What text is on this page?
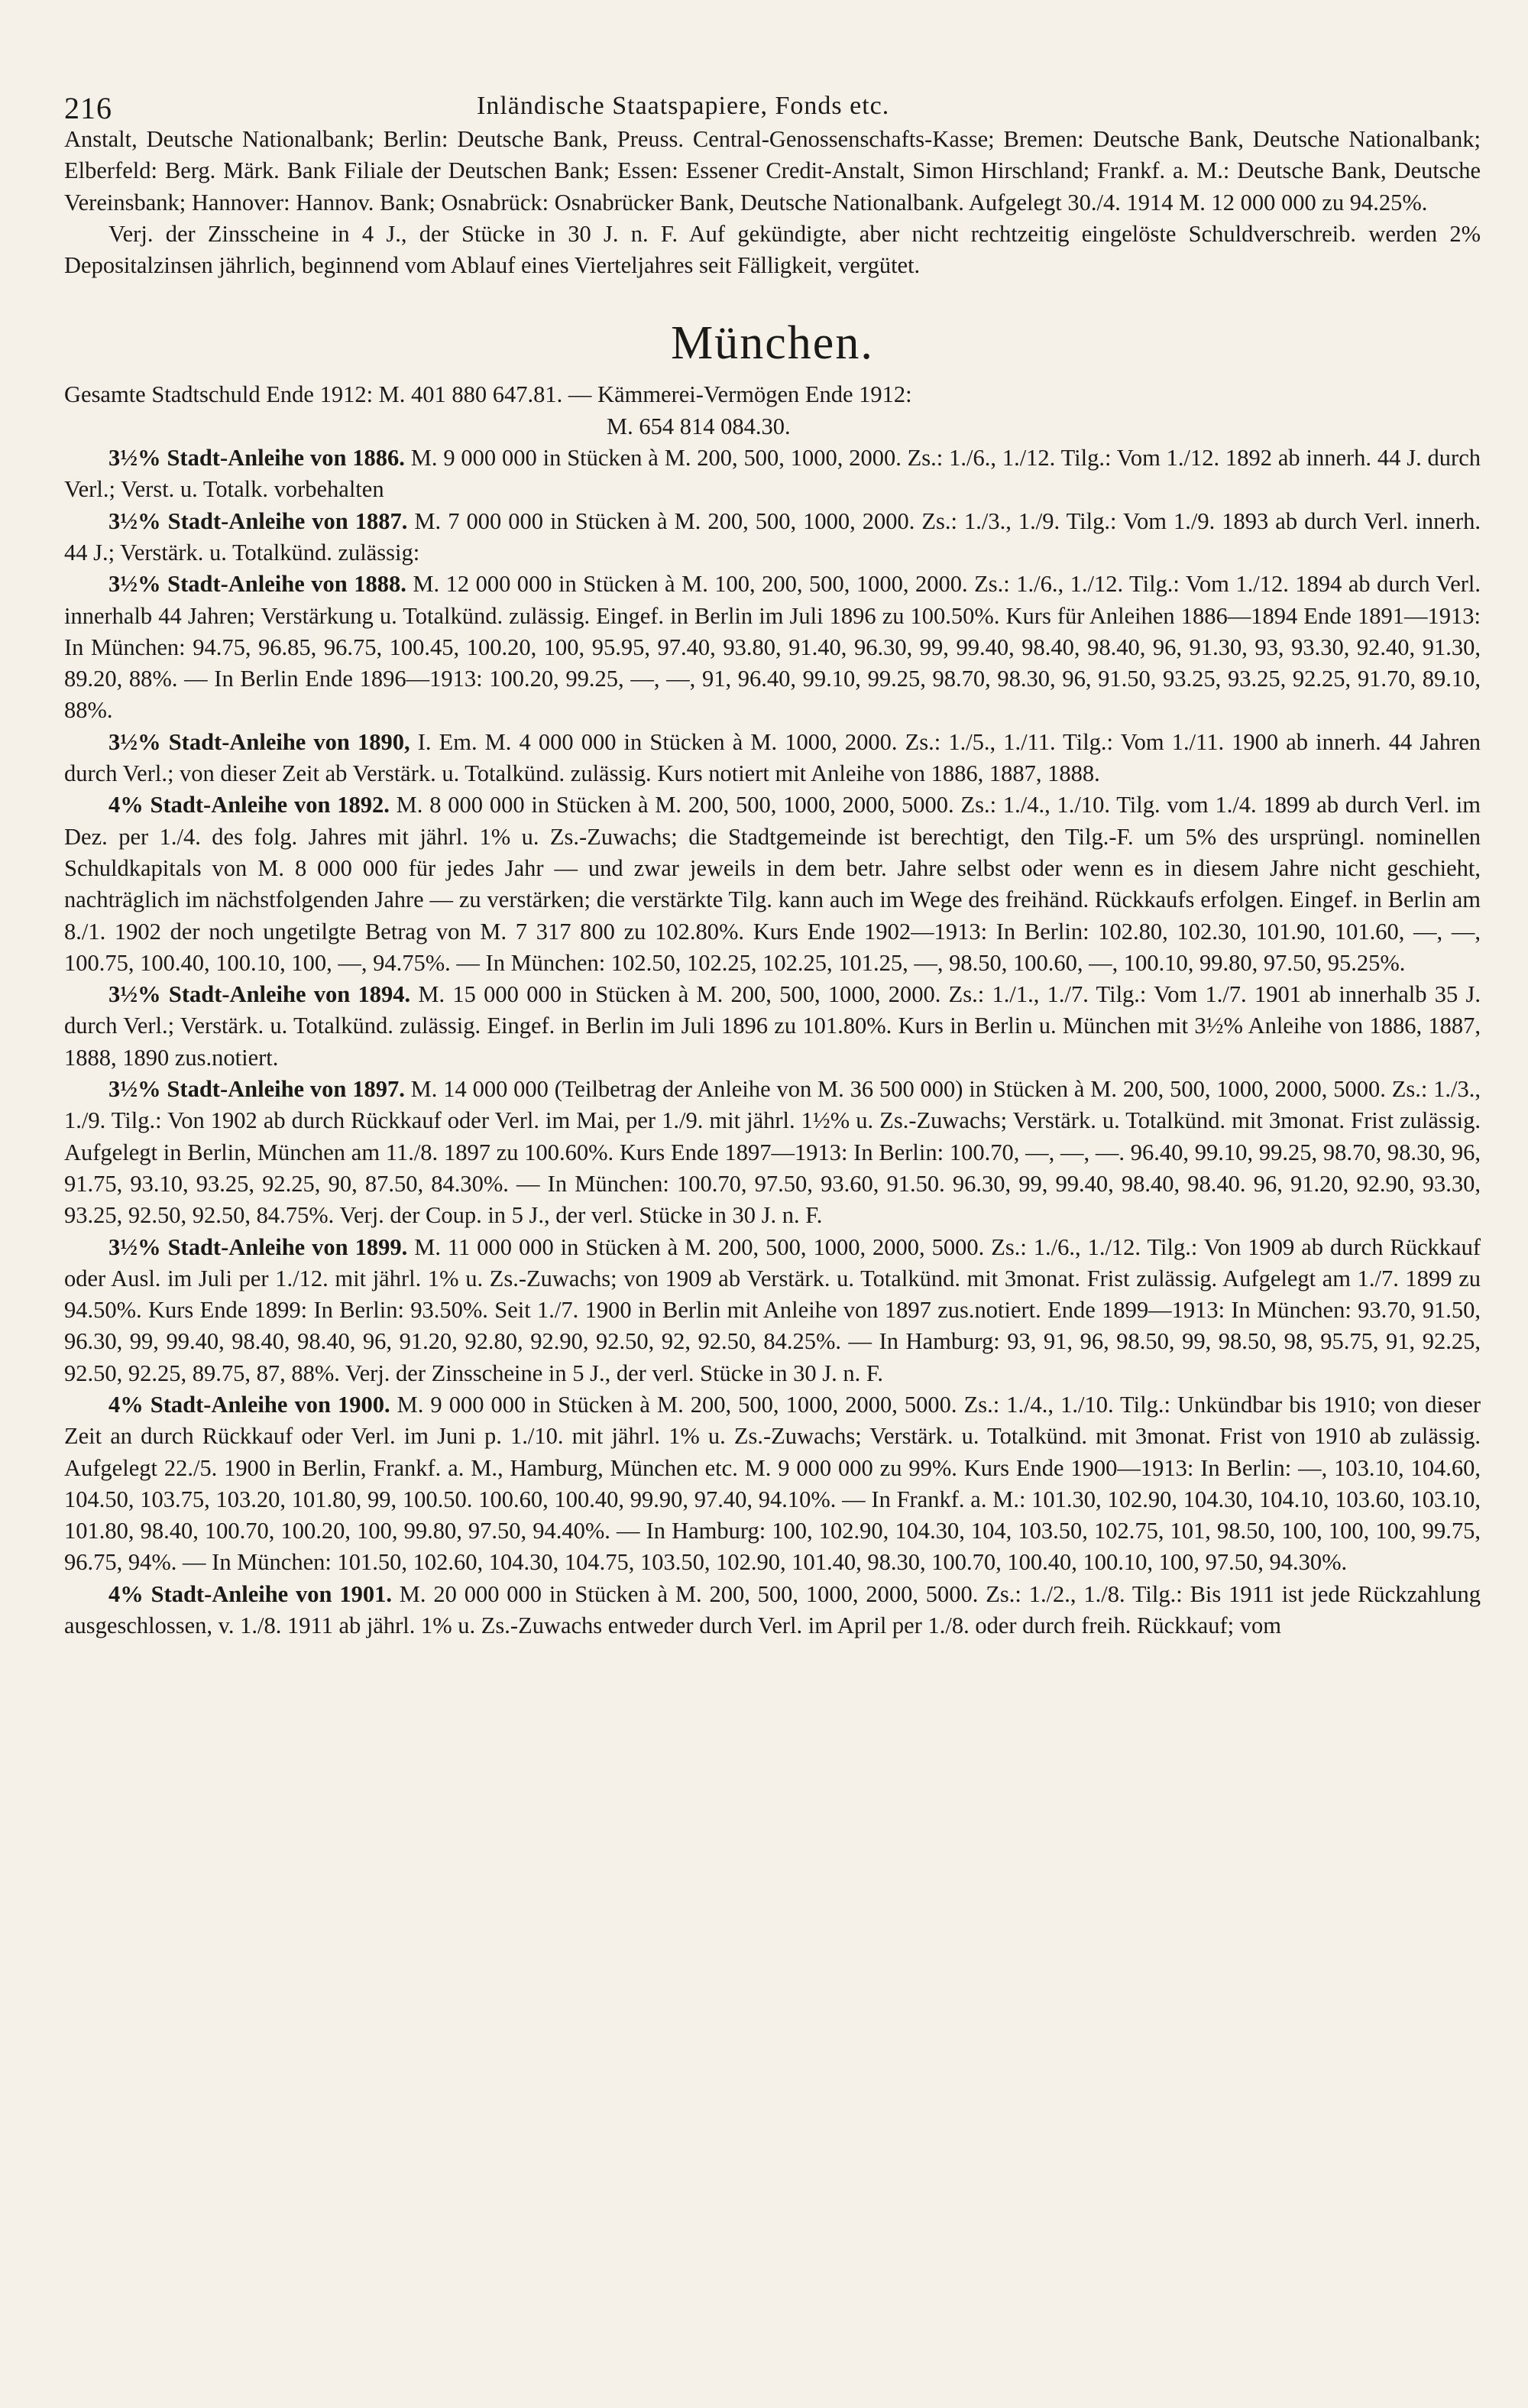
216	Inländische Staatspapiere, Fonds etc.

Anstalt, Deutsche Nationalbank; Berlin: Deutsche Bank, Preuss. Central-Genossenschafts-Kasse; Bremen: Deutsche Bank, Deutsche Nationalbank; Elberfeld: Berg. Märk. Bank Filiale der Deutschen Bank; Essen: Essener Credit-Anstalt, Simon Hirschland; Frankf. a. M.: Deutsche Bank, Deutsche Vereinsbank; Hannover: Hannov. Bank; Osnabrück: Osnabrücker Bank, Deutsche Nationalbank. Aufgelegt 30./4. 1914 M. 12 000 000 zu 94.25%.

Verj. der Zinsscheine in 4 J., der Stücke in 30 J. n. F. Auf gekündigte, aber nicht rechtzeitig eingelöste Schuldverschreib. werden 2% Depositalzinsen jährlich, beginnend vom Ablauf eines Vierteljahres seit Fälligkeit, vergütet.

München.
Gesamte Stadtschuld Ende 1912: M. 401 880 647.81. — Kämmerei-Vermögen Ende 1912:
M. 654 814 084.30.

3½% Stadt-Anleihe von 1886. M. 9 000 000 in Stücken à M. 200, 500, 1000, 2000. Zs.: 1./6., 1./12. Tilg.: Vom 1./12. 1892 ab innerh. 44 J. durch Verl.; Verst. u. Totalk. vorbehalten

3½% Stadt-Anleihe von 1887. M. 7 000 000 in Stücken à M. 200, 500, 1000, 2000. Zs.: 1./3., 1./9. Tilg.: Vom 1./9. 1893 ab durch Verl. innerh. 44 J.; Verstärk. u. Totalkünd. zulässig:

3½% Stadt-Anleihe von 1888. M. 12 000 000 in Stücken à M. 100, 200, 500, 1000, 2000. Zs.: 1./6., 1./12. Tilg.: Vom 1./12. 1894 ab durch Verl. innerhalb 44 Jahren; Verstärkung u. Totalkünd. zulässig. Eingef. in Berlin im Juli 1896 zu 100.50%. Kurs für Anleihen 1886—1894 Ende 1891—1913: In München: 94.75, 96.85, 96.75, 100.45, 100.20, 100, 95.95, 97.40, 93.80, 91.40, 96.30, 99, 99.40, 98.40, 98.40, 96, 91.30, 93, 93.30, 92.40, 91.30, 89.20, 88%. — In Berlin Ende 1896—1913: 100.20, 99.25, —, —, 91, 96.40, 99.10, 99.25, 98.70, 98.30, 96, 91.50, 93.25, 93.25, 92.25, 91.70, 89.10, 88%.

3½% Stadt-Anleihe von 1890, I. Em. M. 4 000 000 in Stücken à M. 1000, 2000. Zs.: 1./5., 1./11. Tilg.: Vom 1./11. 1900 ab innerh. 44 Jahren durch Verl.; von dieser Zeit ab Verstärk. u. Totalkünd. zulässig. Kurs notiert mit Anleihe von 1886, 1887, 1888.

4% Stadt-Anleihe von 1892. M. 8 000 000 in Stücken à M. 200, 500, 1000, 2000, 5000. Zs.: 1./4., 1./10. Tilg. vom 1./4. 1899 ab durch Verl. im Dez. per 1./4. des folg. Jahres mit jährl. 1% u. Zs.-Zuwachs; die Stadtgemeinde ist berechtigt, den Tilg.-F. um 5% des ursprüngl. nominellen Schuldkapitals von M. 8 000 000 für jedes Jahr — und zwar jeweils in dem betr. Jahre selbst oder wenn es in diesem Jahre nicht geschieht, nachträglich im nächstfolgenden Jahre — zu verstärken; die verstärkte Tilg. kann auch im Wege des freihänd. Rückkaufs erfolgen. Eingef. in Berlin am 8./1. 1902 der noch ungetilgte Betrag von M. 7 317 800 zu 102.80%. Kurs Ende 1902—1913: In Berlin: 102.80, 102.30, 101.90, 101.60, —, —, 100.75, 100.40, 100.10, 100, —, 94.75%. — In München: 102.50, 102.25, 102.25, 101.25, —, 98.50, 100.60, —, 100.10, 99.80, 97.50, 95.25%.

3½% Stadt-Anleihe von 1894. M. 15 000 000 in Stücken à M. 200, 500, 1000, 2000. Zs.: 1./1., 1./7. Tilg.: Vom 1./7. 1901 ab innerhalb 35 J. durch Verl.; Verstärk. u. Totalkünd. zulässig. Eingef. in Berlin im Juli 1896 zu 101.80%. Kurs in Berlin u. München mit 3½% Anleihe von 1886, 1887, 1888, 1890 zus.notiert.

3½% Stadt-Anleihe von 1897. M. 14 000 000 (Teilbetrag der Anleihe von M. 36 500 000) in Stücken à M. 200, 500, 1000, 2000, 5000. Zs.: 1./3., 1./9. Tilg.: Von 1902 ab durch Rückkauf oder Verl. im Mai, per 1./9. mit jährl. 1½% u. Zs.-Zuwachs; Verstärk. u. Totalkünd. mit 3monat. Frist zulässig. Aufgelegt in Berlin, München am 11./8. 1897 zu 100.60%. Kurs Ende 1897—1913: In Berlin: 100.70, —, —, —. 96.40, 99.10, 99.25, 98.70, 98.30, 96, 91.75, 93.10, 93.25, 92.25, 90, 87.50, 84.30%. — In München: 100.70, 97.50, 93.60, 91.50. 96.30, 99, 99.40, 98.40, 98.40. 96, 91.20, 92.90, 93.30, 93.25, 92.50, 92.50, 84.75%. Verj. der Coup. in 5 J., der verl. Stücke in 30 J. n. F.

3½% Stadt-Anleihe von 1899. M. 11 000 000 in Stücken à M. 200, 500, 1000, 2000, 5000. Zs.: 1./6., 1./12. Tilg.: Von 1909 ab durch Rückkauf oder Ausl. im Juli per 1./12. mit jährl. 1% u. Zs.-Zuwachs; von 1909 ab Verstärk. u. Totalkünd. mit 3monat. Frist zulässig. Aufgelegt am 1./7. 1899 zu 94.50%. Kurs Ende 1899: In Berlin: 93.50%. Seit 1./7. 1900 in Berlin mit Anleihe von 1897 zus.notiert. Ende 1899—1913: In München: 93.70, 91.50, 96.30, 99, 99.40, 98.40, 98.40, 96, 91.20, 92.80, 92.90, 92.50, 92, 92.50, 84.25%. — In Hamburg: 93, 91, 96, 98.50, 99, 98.50, 98, 95.75, 91, 92.25, 92.50, 92.25, 89.75, 87, 88%. Verj. der Zinsscheine in 5 J., der verl. Stücke in 30 J. n. F.

4% Stadt-Anleihe von 1900. M. 9 000 000 in Stücken à M. 200, 500, 1000, 2000, 5000. Zs.: 1./4., 1./10. Tilg.: Unkündbar bis 1910; von dieser Zeit an durch Rückkauf oder Verl. im Juni p. 1./10. mit jährl. 1% u. Zs.-Zuwachs; Verstärk. u. Totalkünd. mit 3monat. Frist von 1910 ab zulässig. Aufgelegt 22./5. 1900 in Berlin, Frankf. a. M., Hamburg, München etc. M. 9 000 000 zu 99%. Kurs Ende 1900—1913: In Berlin: —, 103.10, 104.60, 104.50, 103.75, 103.20, 101.80, 99, 100.50. 100.60, 100.40, 99.90, 97.40, 94.10%. — In Frankf. a. M.: 101.30, 102.90, 104.30, 104.10, 103.60, 103.10, 101.80, 98.40, 100.70, 100.20, 100, 99.80, 97.50, 94.40%. — In Hamburg: 100, 102.90, 104.30, 104, 103.50, 102.75, 101, 98.50, 100, 100, 100, 99.75, 96.75, 94%. — In München: 101.50, 102.60, 104.30, 104.75, 103.50, 102.90, 101.40, 98.30, 100.70, 100.40, 100.10, 100, 97.50, 94.30%.

4% Stadt-Anleihe von 1901. M. 20 000 000 in Stücken à M. 200, 500, 1000, 2000, 5000. Zs.: 1./2., 1./8. Tilg.: Bis 1911 ist jede Rückzahlung ausgeschlossen, v. 1./8. 1911 ab jährl. 1% u. Zs.-Zuwachs entweder durch Verl. im April per 1./8. oder durch freih. Rückkauf; vom
